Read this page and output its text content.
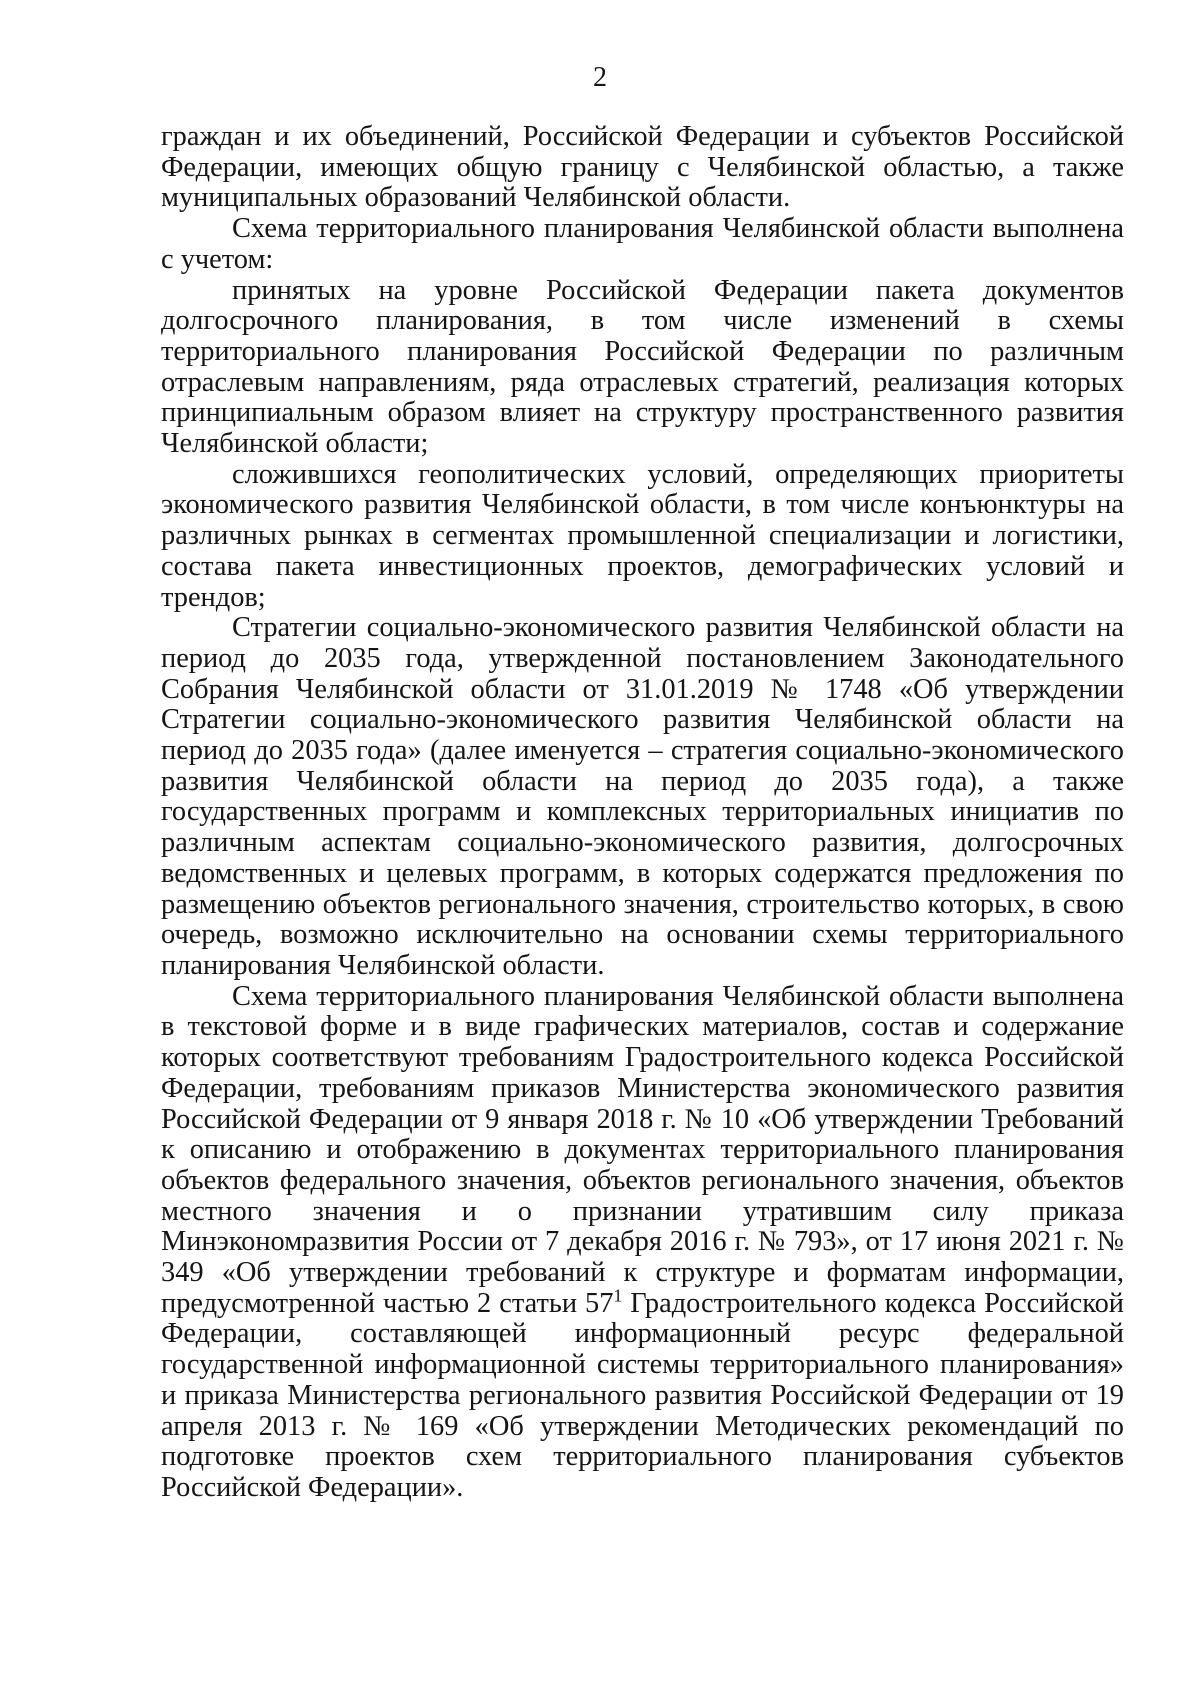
2

граждан и их объединений, Российской Федерации и субъектов Российской Федерации, имеющих общую границу с Челябинской областью, а также муниципальных образований Челябинской области.

Схема территориального планирования Челябинской области выполнена с учетом:

принятых на уровне Российской Федерации пакета документов долгосрочного планирования, в том числе изменений в схемы территориального планирования Российской Федерации по различным отраслевым направлениям, ряда отраслевых стратегий, реализация которых принципиальным образом влияет на структуру пространственного развития Челябинской области;

сложившихся геополитических условий, определяющих приоритеты экономического развития Челябинской области, в том числе конъюнктуры на различных рынках в сегментах промышленной специализации и логистики, состава пакета инвестиционных проектов, демографических условий и трендов;

Стратегии социально-экономического развития Челябинской области на период до 2035 года, утвержденной постановлением Законодательного Собрания Челябинской области от 31.01.2019 № 1748 «Об утверждении Стратегии социально-экономического развития Челябинской области на период до 2035 года» (далее именуется – стратегия социально-экономического развития Челябинской области на период до 2035 года), а также государственных программ и комплексных территориальных инициатив по различным аспектам социально-экономического развития, долгосрочных ведомственных и целевых программ, в которых содержатся предложения по размещению объектов регионального значения, строительство которых, в свою очередь, возможно исключительно на основании схемы территориального планирования Челябинской области.

Схема территориального планирования Челябинской области выполнена в текстовой форме и в виде графических материалов, состав и содержание которых соответствуют требованиям Градостроительного кодекса Российской Федерации, требованиям приказов Министерства экономического развития Российской Федерации от 9 января 2018 г. № 10 «Об утверждении Требований к описанию и отображению в документах территориального планирования объектов федерального значения, объектов регионального значения, объектов местного значения и о признании утратившим силу приказа Минэкономразвития России от 7 декабря 2016 г. № 793», от 17 июня 2021 г. № 349 «Об утверждении требований к структуре и форматам информации, предусмотренной частью 2 статьи $57^1$ Градостроительного кодекса Российской Федерации, составляющей информационный ресурс федеральной государственной информационной системы территориального планирования» и приказа Министерства регионального развития Российской Федерации от 19 апреля 2013 г. № 169 «Об утверждении Методических рекомендаций по подготовке проектов схем территориального планирования субъектов Российской Федерации».
